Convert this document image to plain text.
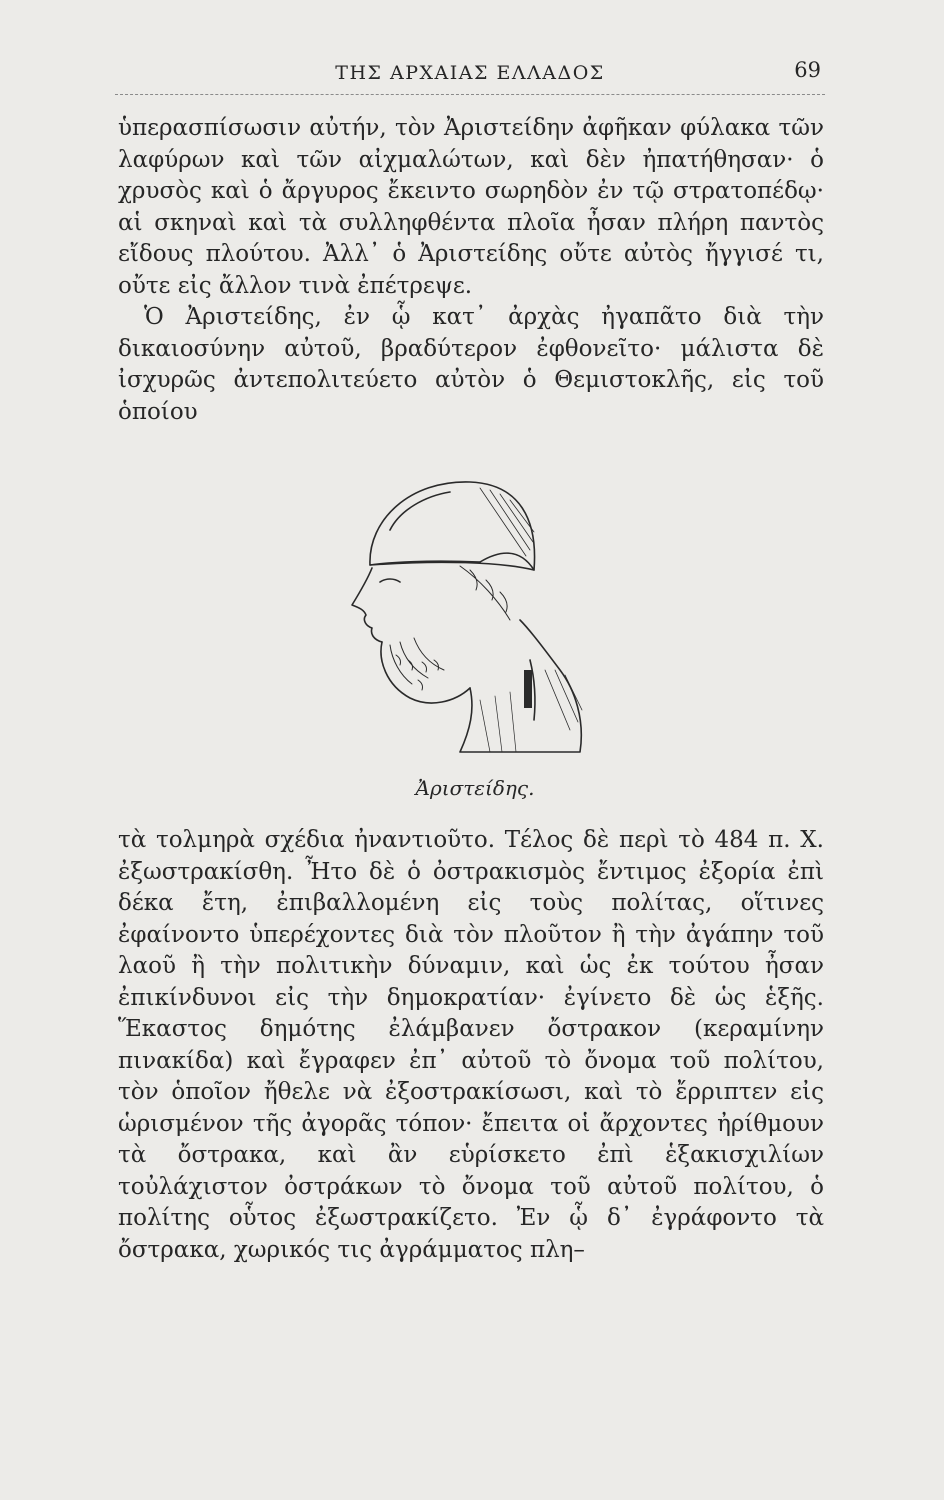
ΤΗΣ ΑΡΧΑΙΑΣ ΕΛΛΑΔΟΣ	69

ὑπερασπίσωσιν αὐτήν, τὸν Ἀριστείδην ἀφῆκαν φύλακα τῶν λαφύρων καὶ τῶν αἰχμαλώτων, καὶ δὲν ἠπατήθησαν· ὁ χρυσὸς καὶ ὁ ἄργυρος ἔκειντο σωρηδὸν ἐν τῷ στρατοπέδῳ· αἱ σκηναὶ καὶ τὰ συλληφθέντα πλοῖα ἦσαν πλήρη παντὸς εἴδους πλούτου. Ἀλλ᾽ ὁ Ἀριστείδης οὔτε αὐτὸς ἤγγισέ τι, οὔτε εἰς ἄλλον τινὰ ἐπέτρεψε.

Ὁ Ἀριστείδης, ἐν ᾧ κατ᾽ ἀρχὰς ἠγαπᾶτο διὰ τὴν δικαιοσύνην αὐτοῦ, βραδύτερον ἐφθονεῖτο· μάλιστα δὲ ἰσχυρῶς ἀντεπολιτεύετο αὐτὸν ὁ Θεμιστοκλῆς, εἰς τοῦ ὁποίου

Ἀριστείδης.

τὰ τολμηρὰ σχέδια ἠναντιοῦτο. Τέλος δὲ περὶ τὸ 484 π. Χ. ἐξωστρακίσθη. Ἦτο δὲ ὁ ὀστρακισμὸς ἔντιμος ἐξορία ἐπὶ δέκα ἔτη, ἐπιβαλλομένη εἰς τοὺς πολίτας, οἵτινες ἐφαίνοντο ὑπερέχοντες διὰ τὸν πλοῦτον ἢ τὴν ἀγάπην τοῦ λαοῦ ἢ τὴν πολιτικὴν δύναμιν, καὶ ὡς ἐκ τούτου ἦσαν ἐπικίνδυνοι εἰς τὴν δημοκρατίαν· ἐγίνετο δὲ ὡς ἑξῆς. Ἕκαστος δημότης ἐλάμβανεν ὄστρακον (κεραμίνην πινακίδα) καὶ ἔγραφεν ἐπ᾽ αὐτοῦ τὸ ὄνομα τοῦ πολίτου, τὸν ὁποῖον ἤθελε νὰ ἐξοστρακίσωσι, καὶ τὸ ἔρριπτεν εἰς ὡρισμένον τῆς ἀγορᾶς τόπον· ἔπειτα οἱ ἄρχοντες ἠρίθμουν τὰ ὄστρακα, καὶ ἂν εὑρίσκετο ἐπὶ ἑξακισχιλίων τοὐλάχιστον ὀστράκων τὸ ὄνομα τοῦ αὐτοῦ πολίτου, ὁ πολίτης οὗτος ἐξωστρακίζετο. Ἐν ᾧ δ᾽ ἐγράφοντο τὰ ὄστρακα, χωρικός τις ἀγράμματος πλη–
